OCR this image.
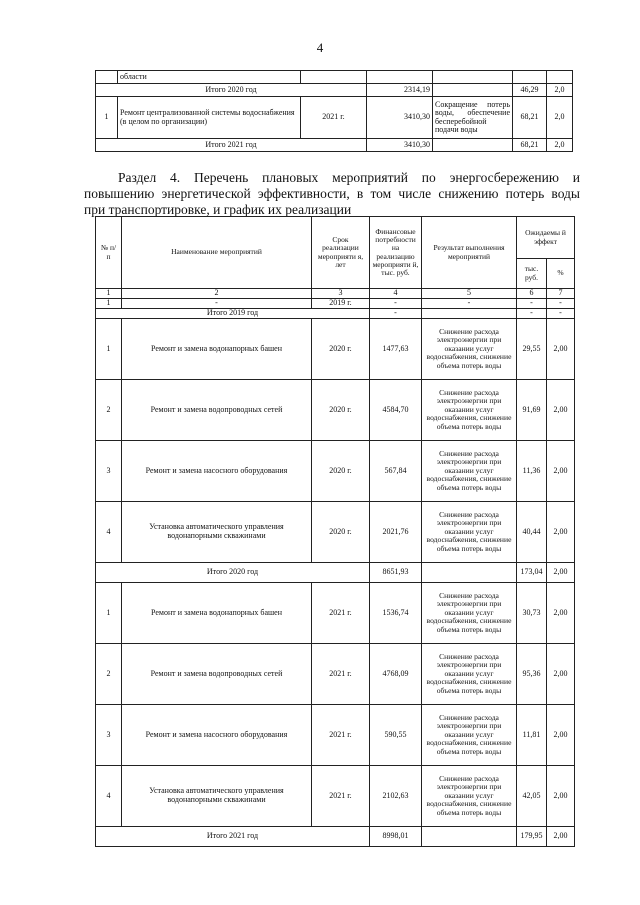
4
	области					
Итого 2020 год			2314,19		46,29	2,0
1	Ремонт централизованной системы водоснабжения (в целом по организации)	2021 г.	3410,30	Сокращение потерь воды, обеспечение бесперебойной подачи воды	68,21	2,0
Итого 2021 год			3410,30		68,21	2,0
Раздел 4. Перечень плановых мероприятий по энергосбережению и
повышению энергетической эффективности, в том числе снижению потерь воды
при транспортировке, и график их реализации
№ п/ п	Наименование мероприятий	Срок реализации мероприяти я, лет	Финансовые потребности на реализацию мероприяти й, тыс. руб.	Результат выполнения мероприятий	Ожидаемы й эффект	
					тыс. руб.	%
1	2	3	4	5	6	7
1	-	2019 г.	-	-	-	-
Итого 2019 год			-		-	-
1	Ремонт и замена водонапорных башен	2020 г.	1477,63	Снижение расхода электроэнергии при оказании услуг водоснабжения, снижение объема потерь воды	29,55	2,00
2	Ремонт и замена водопроводных сетей	2020 г.	4584,70	Снижение расхода электроэнергии при оказании услуг водоснабжения, снижение объема потерь воды	91,69	2,00
3	Ремонт и замена насосного оборудования	2020 г.	567,84	Снижение расхода электроэнергии при оказании услуг водоснабжения, снижение объема потерь воды	11,36	2,00
4	Установка автоматического управления водонапорными скважинами	2020 г.	2021,76	Снижение расхода электроэнергии при оказании услуг водоснабжения, снижение объема потерь воды	40,44	2,00
Итого 2020 год			8651,93		173,04	2,00
1	Ремонт и замена водонапорных башен	2021 г.	1536,74	Снижение расхода электроэнергии при оказании услуг водоснабжения, снижение объема потерь воды	30,73	2,00
2	Ремонт и замена водопроводных сетей	2021 г.	4768,09	Снижение расхода электроэнергии при оказании услуг водоснабжения, снижение объема потерь воды	95,36	2,00
3	Ремонт и замена насосного оборудования	2021 г.	590,55	Снижение расхода электроэнергии при оказании услуг водоснабжения, снижение объема потерь воды	11,81	2,00
4	Установка автоматического управления водонапорными скважинами	2021 г.	2102,63	Снижение расхода электроэнергии при оказании услуг водоснабжения, снижение объема потерь воды	42,05	2,00
Итого 2021 год			8998,01		179,95	2,00
